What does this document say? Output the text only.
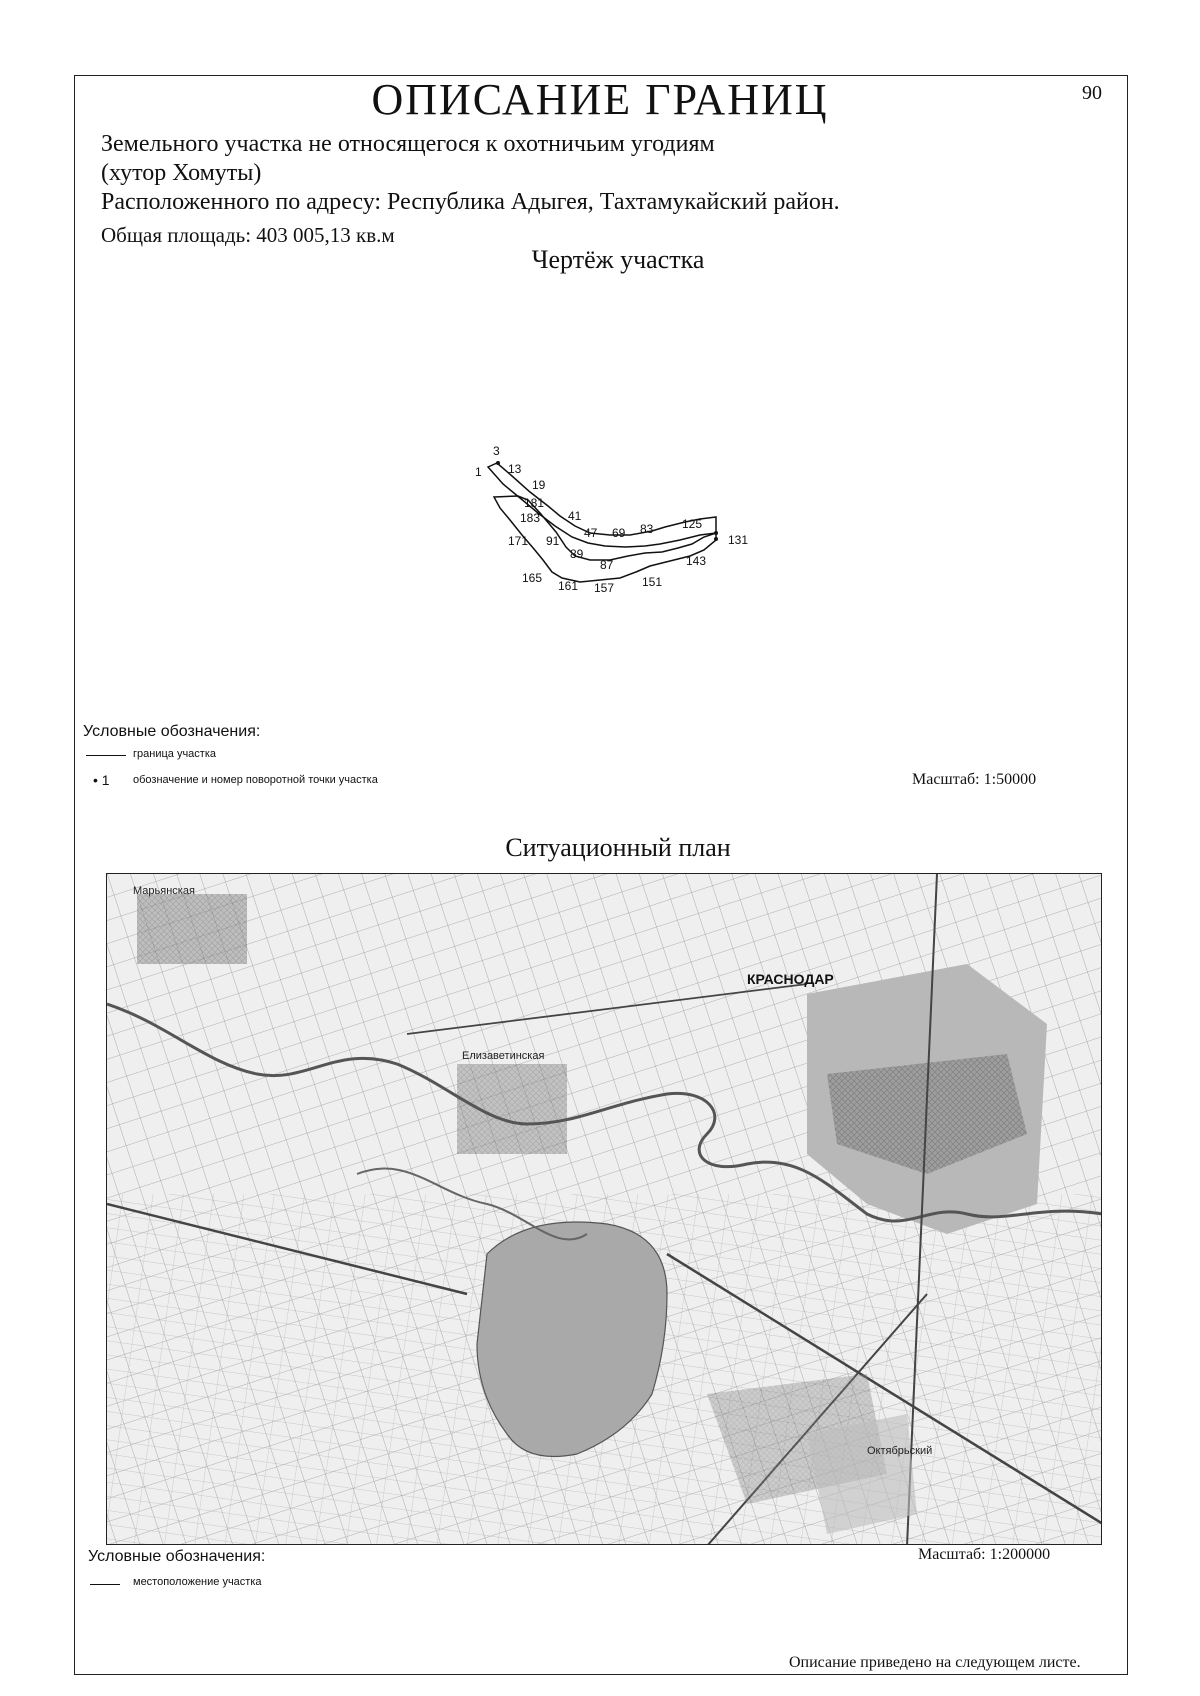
ОПИСАНИЕ ГРАНИЦ	90
Земельного участка не относящегося к охотничьим угодиям
(хутор Хомуты)
Расположенного по адресу: Республика Адыгея, Тахтамукайский район.
Общая площадь: 403 005,13 кв.м
Чертёж участка
3
1 13
19
181
183 41
47 69 83 125
131
171 91
89
87	143
165
161 157 151
Условные обозначения:
граница участка
• 1 обозначение и номер поворотной точки участка	Масштаб: 1:50000
Ситуационный план
Марьянская
Елизаветинская
КРАСНОДАР
Октябрьский
Условные обозначения:	Масштаб: 1:200000
местоположение участка
Описание приведено на следующем листе.
